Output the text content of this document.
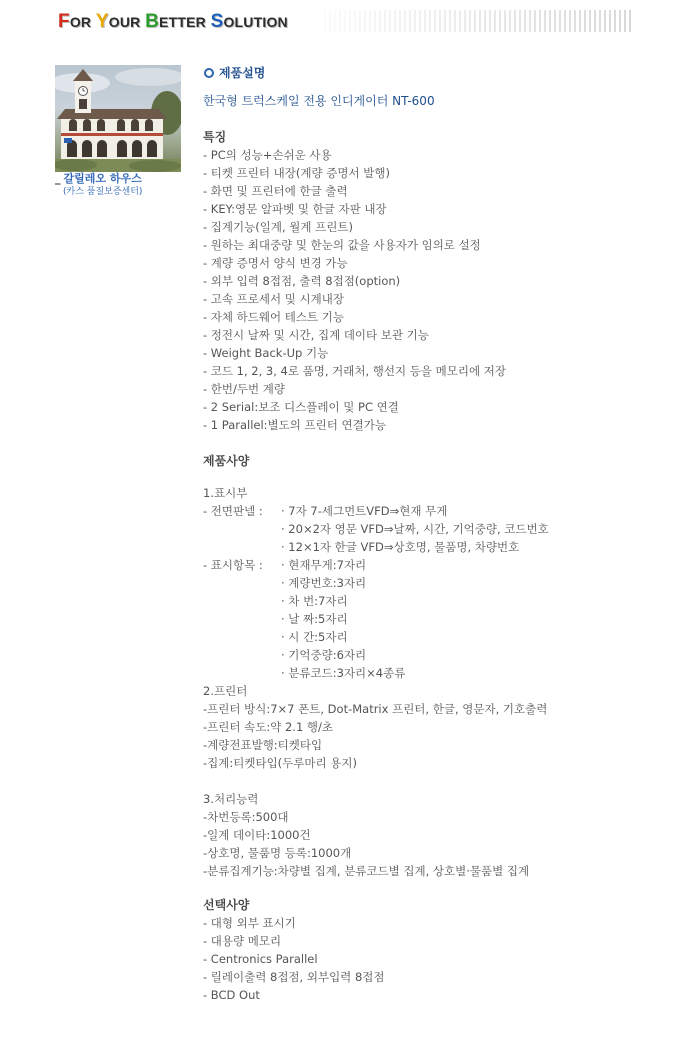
FOR YOUR BETTER SOLUTION
_ 갈릴레오 하우스
(카스 품질보증센터)
제품설명
한국형 트럭스케일 전용 인디게이터 NT-600
특징
- PC의 성능+손쉬운 사용
- 티켓 프린터 내장(계량 증명서 발행)
- 화면 및 프린터에 한글 출력
- KEY:영문 알파벳 및 한글 자판 내장
- 집계기능(일계, 월계 프린트)
- 원하는 최대중량 및 한눈의 값을 사용자가 임의로 설정
- 계량 증명서 양식 변경 가능
- 외부 입력 8접점, 출력 8접점(option)
- 고속 프로세서 및 시계내장
- 자체 하드웨어 테스트 기능
- 정전시 날짜 및 시간, 집계 데이타 보관 기능
- Weight Back-Up 기능
- 코드 1, 2, 3, 4로 품명, 거래처, 행선지 등을 메모리에 저장
- 한번/두번 계량
- 2 Serial:보조 디스플레이 및 PC 연결
- 1 Parallel:별도의 프린터 연결가능
제품사양
1.표시부
- 전면판넬 :	· 7자 7-세그먼트VFD⇒현재 무게
· 20×2자 영문 VFD⇒날짜, 시간, 기억중량, 코드번호
· 12×1자 한글 VFD⇒상호명, 물품명, 차량번호
- 표시항목 :	· 현재무게:7자리
· 계량번호:3자리
· 차 번:7자리
· 날 짜:5자리
· 시 간:5자리
· 기억중량:6자리
· 분류코드:3자리×4종류
2.프린터
-프린터 방식:7×7 폰트, Dot-Matrix 프린터, 한글, 영문자, 기호출력
-프린터 속도:약 2.1 행/초
-계량전표발행:티켓타입
-집계:티켓타입(두루마리 용지)
3.처리능력
-차번등록:500대
-일계 데이타:1000건
-상호명, 물품명 등록:1000개
-분류집계기능:차량별 집계, 분류코드별 집계, 상호별·물품별 집계
선택사양
- 대형 외부 표시기
- 대용량 메모리
- Centronics Parallel
- 릴레이출력 8접점, 외부입력 8접점
- BCD Out
